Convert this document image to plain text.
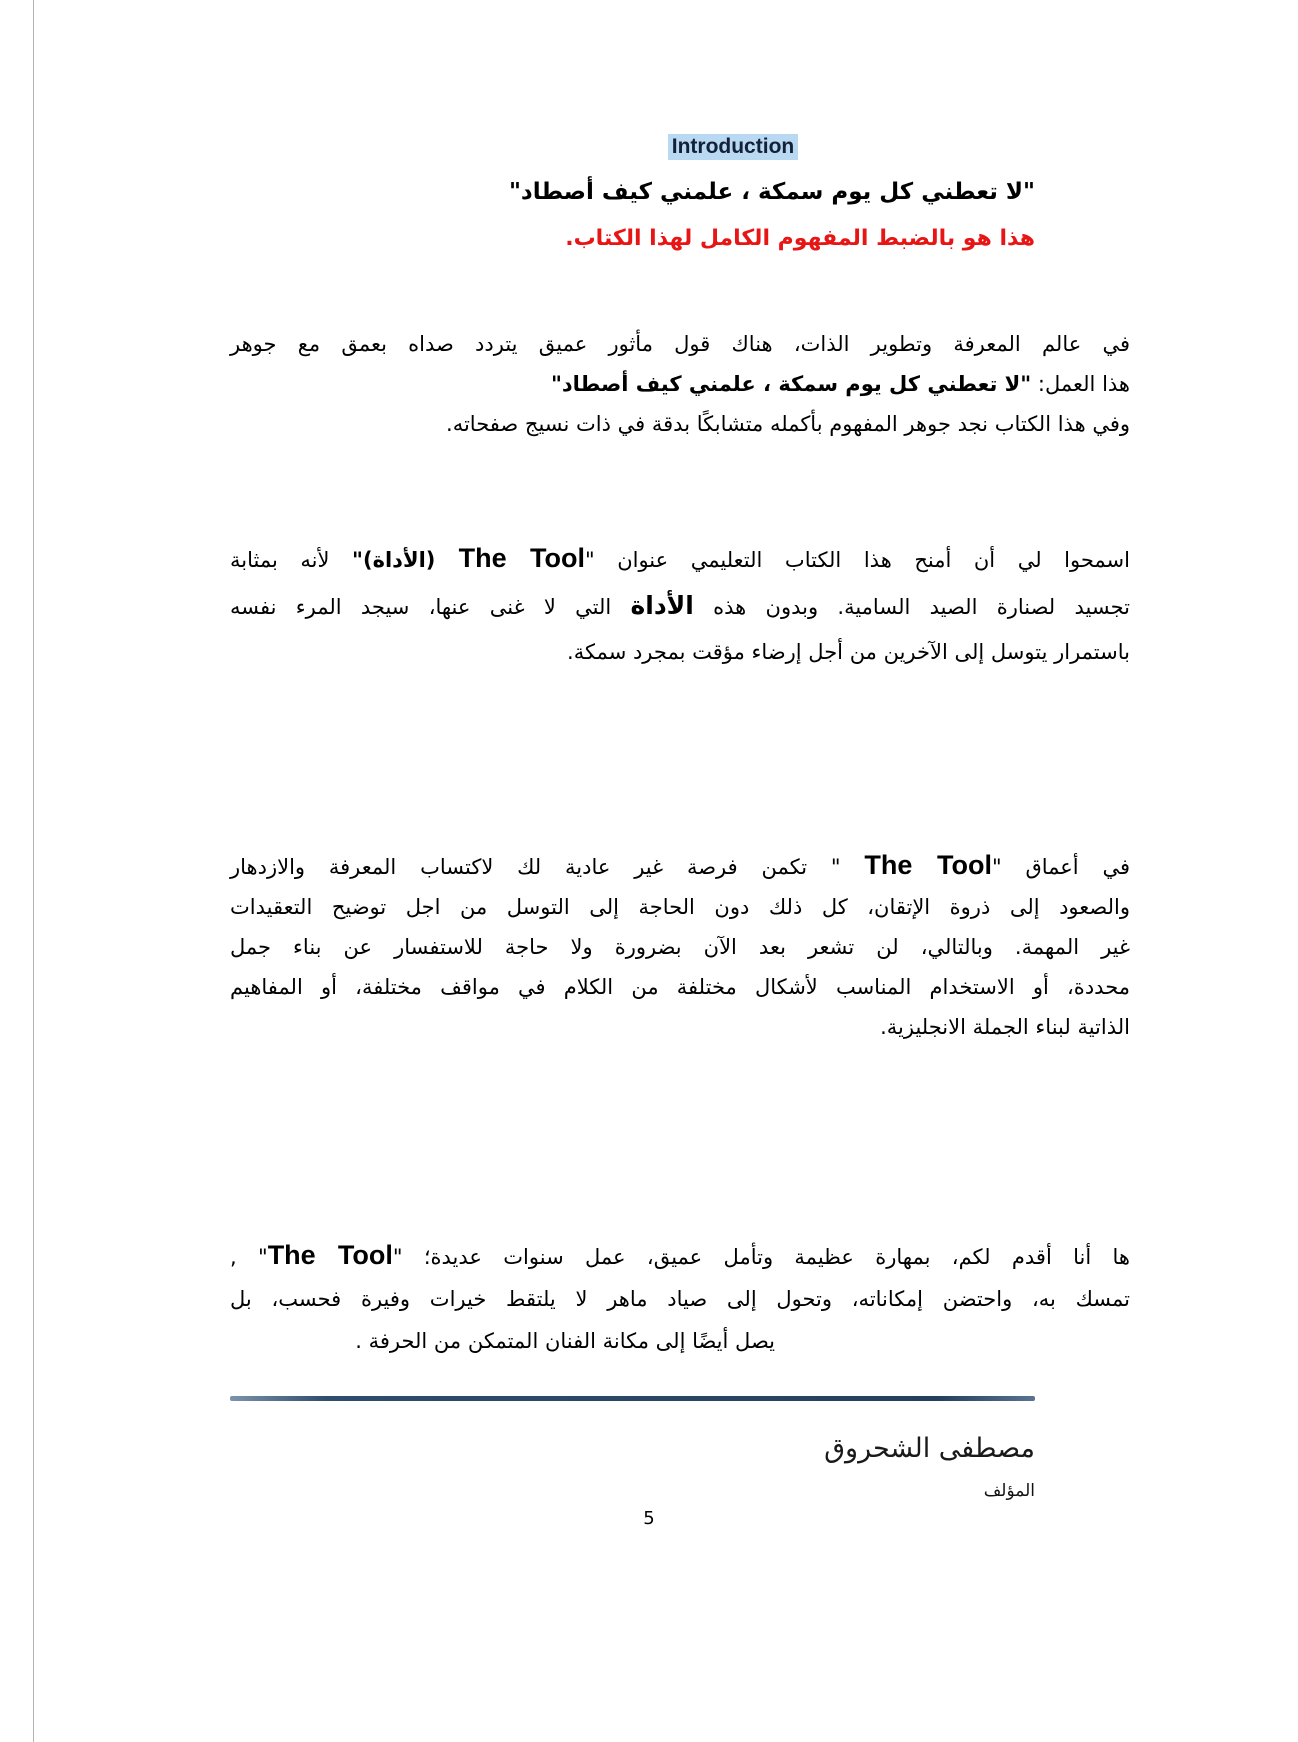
Introduction

"لا تعطني كل يوم سمكة ، علمني كيف أصطاد"

هذا هو بالضبط المفهوم الكامل لهذا الكتاب.

في عالم المعرفة وتطوير الذات، هناك قول مأثور عميق يتردد صداه بعمق مع جوهر
هذا العمل: "لا تعطني كل يوم سمكة ، علمني كيف أصطاد"
وفي هذا الكتاب نجد جوهر المفهوم بأكمله متشابكًا بدقة في ذات نسيج صفحاته.
اسمحوا لي أن أمنح هذا الكتاب التعليمي عنوان "The Tool (الأداة)" لأنه بمثابة
تجسيد لصنارة الصيد السامية. وبدون هذه الأداة التي لا غنى عنها، سيجد المرء نفسه
باستمرار يتوسل إلى الآخرين من أجل إرضاء مؤقت بمجرد سمكة.
في أعماق "The Tool " تكمن فرصة غير عادية لك لاكتساب المعرفة والازدهار
والصعود إلى ذروة الإتقان، كل ذلك دون الحاجة إلى التوسل من اجل توضيح التعقيدات
غير المهمة. وبالتالي، لن تشعر بعد الآن بضرورة ولا حاجة للاستفسار عن بناء جمل
محددة، أو الاستخدام المناسب لأشكال مختلفة من الكلام في مواقف مختلفة، أو المفاهيم
الذاتية لبناء الجملة الانجليزية.
ها أنا أقدم لكم، بمهارة عظيمة وتأمل عميق، عمل سنوات عديدة؛ "The Tool" ,
تمسك به، واحتضن إمكاناته، وتحول إلى صياد ماهر لا يلتقط خيرات وفيرة فحسب، بل
يصل أيضًا إلى مكانة الفنان المتمكن من الحرفة .
مصطفى الشحروق
المؤلف
5
